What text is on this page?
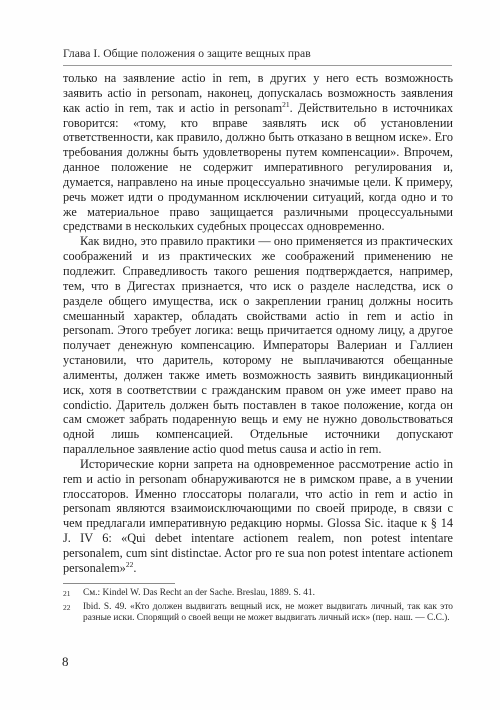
Глава I. Общие положения о защите вещных прав

только на заявление actio in rem, в других у него есть возможность заявить actio in personam, наконец, допускалась возможность заявления как actio in rem, так и actio in personam$^{21}$. Действительно в источниках говорится: «тому, кто вправе заявлять иск об установлении ответственности, как правило, должно быть отказано в вещном иске». Его требования должны быть удовлетворены путем компенсации». Впрочем, данное положение не содержит императивного регулирования и, думается, направлено на иные процессуально значимые цели. К примеру, речь может идти о продуманном исключении ситуаций, когда одно и то же материальное право защищается различными процессуальными средствами в нескольких судебных процессах одновременно.

Как видно, это правило практики — оно применяется из практических соображений и из практических же соображений применению не подлежит. Справедливость такого решения подтверждается, например, тем, что в Дигестах признается, что иск о разделе наследства, иск о разделе общего имущества, иск о закреплении границ должны носить смешанный характер, обладать свойствами actio in rem и actio in personam. Этого требует логика: вещь причитается одному лицу, а другое получает денежную компенсацию. Императоры Валериан и Галлиен установили, что даритель, которому не выплачиваются обещанные алименты, должен также иметь возможность заявить виндикационный иск, хотя в соответствии с гражданским правом он уже имеет право на condictio. Даритель должен быть поставлен в такое положение, когда он сам сможет забрать подаренную вещь и ему не нужно довольствоваться одной лишь компенсацией. Отдельные источники допускают параллельное заявление actio quod metus causa и actio in rem.

Исторические корни запрета на одновременное рассмотрение actio in rem и actio in personam обнаруживаются не в римском праве, а в учении глоссаторов. Именно глоссаторы полагали, что actio in rem и actio in personam являются взаимоисключающими по своей природе, в связи с чем предлагали императивную редакцию нормы. Glossa Sic. itaque к § 14 J. IV 6: «Qui debet intentare actionem realem, non potest intentare personalem, cum sint distinctae. Actor pro re sua non potest intentare actionem personalem»$^{22}$.

21	См.: Kindel W. Das Recht an der Sache. Breslau, 1889. S. 41.
22	Ibid. S. 49. «Кто должен выдвигать вещный иск, не может выдвигать личный, так как это разные иски. Спорящий о своей вещи не может выдвигать личный иск» (пер. наш. — С.С.).
8
